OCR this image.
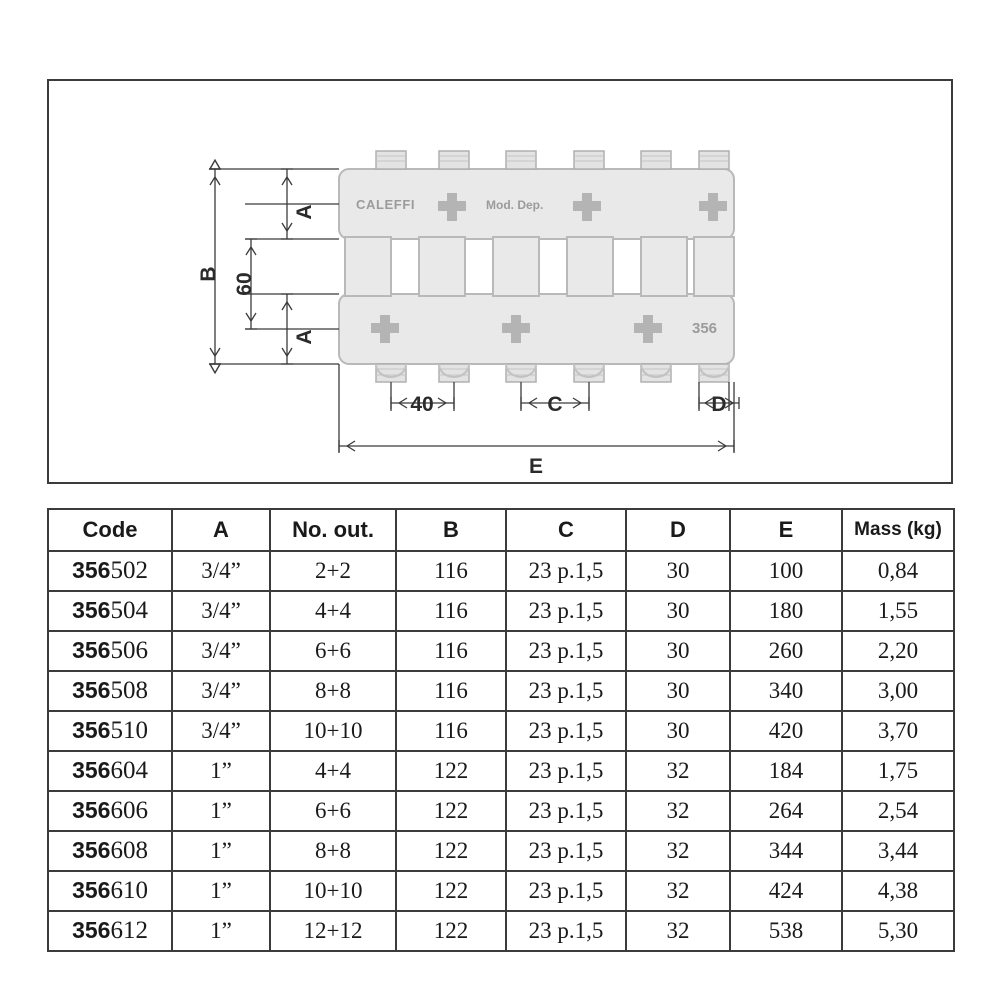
CALEFFI	Mod. Dep.
356
B 60
A
A
40	C	D
E
Code	A	No. out.	B	C	D	E	Mass (kg)
356502	3/4”	2+2	116	23 p.1,5	30	100	0,84
356504	3/4”	4+4	116	23 p.1,5	30	180	1,55
356506	3/4”	6+6	116	23 p.1,5	30	260	2,20
356508	3/4”	8+8	116	23 p.1,5	30	340	3,00
356510	3/4”	10+10	116	23 p.1,5	30	420	3,70
356604	1”	4+4	122	23 p.1,5	32	184	1,75
356606	1”	6+6	122	23 p.1,5	32	264	2,54
356608	1”	8+8	122	23 p.1,5	32	344	3,44
356610	1”	10+10	122	23 p.1,5	32	424	4,38
356612	1”	12+12	122	23 p.1,5	32	538	5,30
